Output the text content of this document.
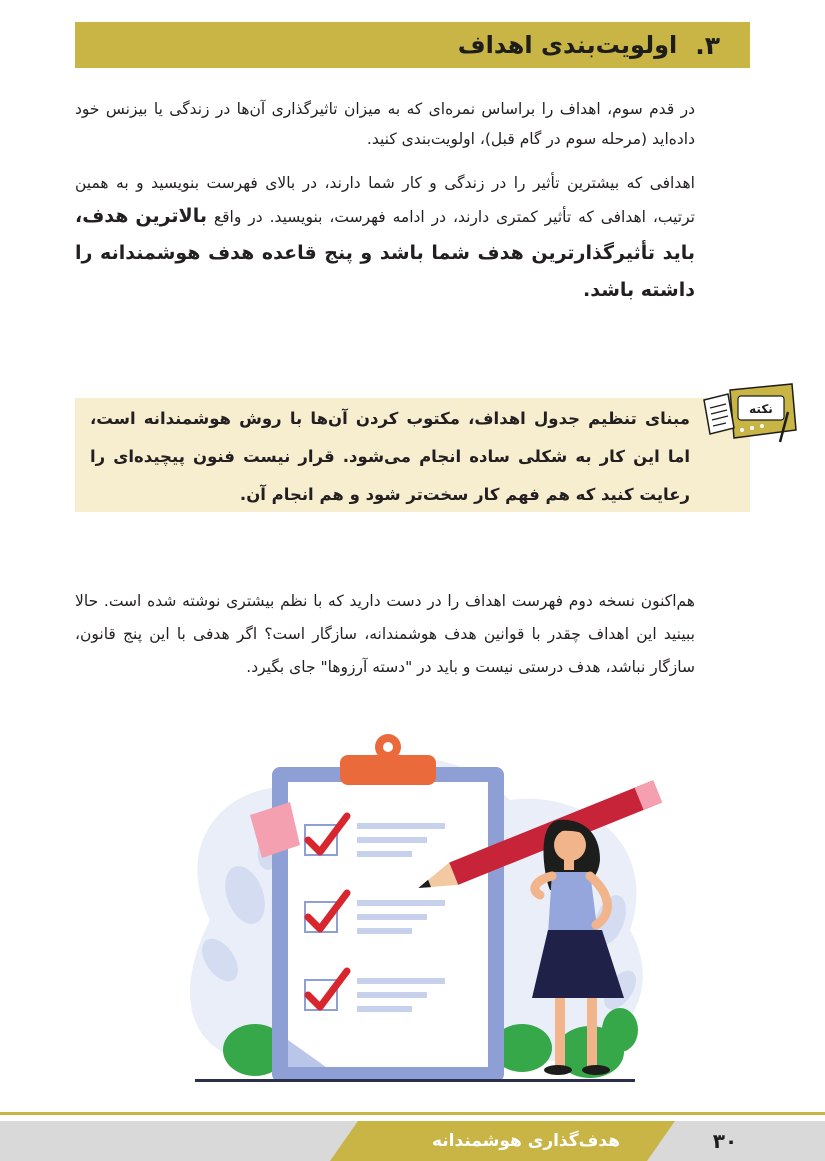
۳.
اولویت‌بندی اهداف
در قدم سوم، اهداف را براساس نمره‌ای که به میزان تاثیرگذاری آن‌ها در زندگی یا بیزنس خود داده‌اید (مرحله سوم در گام قبل)، اولویت‌بندی کنید.
اهدافی که بیشترین تأثیر را در زندگی و کار شما دارند، در بالای فهرست بنویسید و به همین ترتیب، اهدافی که تأثیر کمتری دارند، در ادامه فهرست، بنویسید. در واقع بالاترین هدف، باید تأثیرگذارترین هدف شما باشد و پنج قاعده هدف هوشمندانه را داشته باشد.
مبنای تنظیم جدول اهداف، مکتوب کردن آن‌ها با روش هوشمندانه است، اما این کار به شکلی ساده انجام می‌شود. قرار نیست فنون پیچیده‌ای را رعایت کنید که هم فهم کار سخت‌تر شود و هم انجام آن.
نکته
هم‌اکنون نسخه دوم فهرست اهداف را در دست دارید که با نظم بیشتری نوشته شده است. حالا ببینید این اهداف چقدر با قوانین هدف هوشمندانه، سازگار است؟ اگر هدفی با این پنج قانون، سازگار نباشد، هدف درستی نیست و باید در "دسته آرزوها" جای بگیرد.
هدف‌گذاری هوشمندانه	۳۰
